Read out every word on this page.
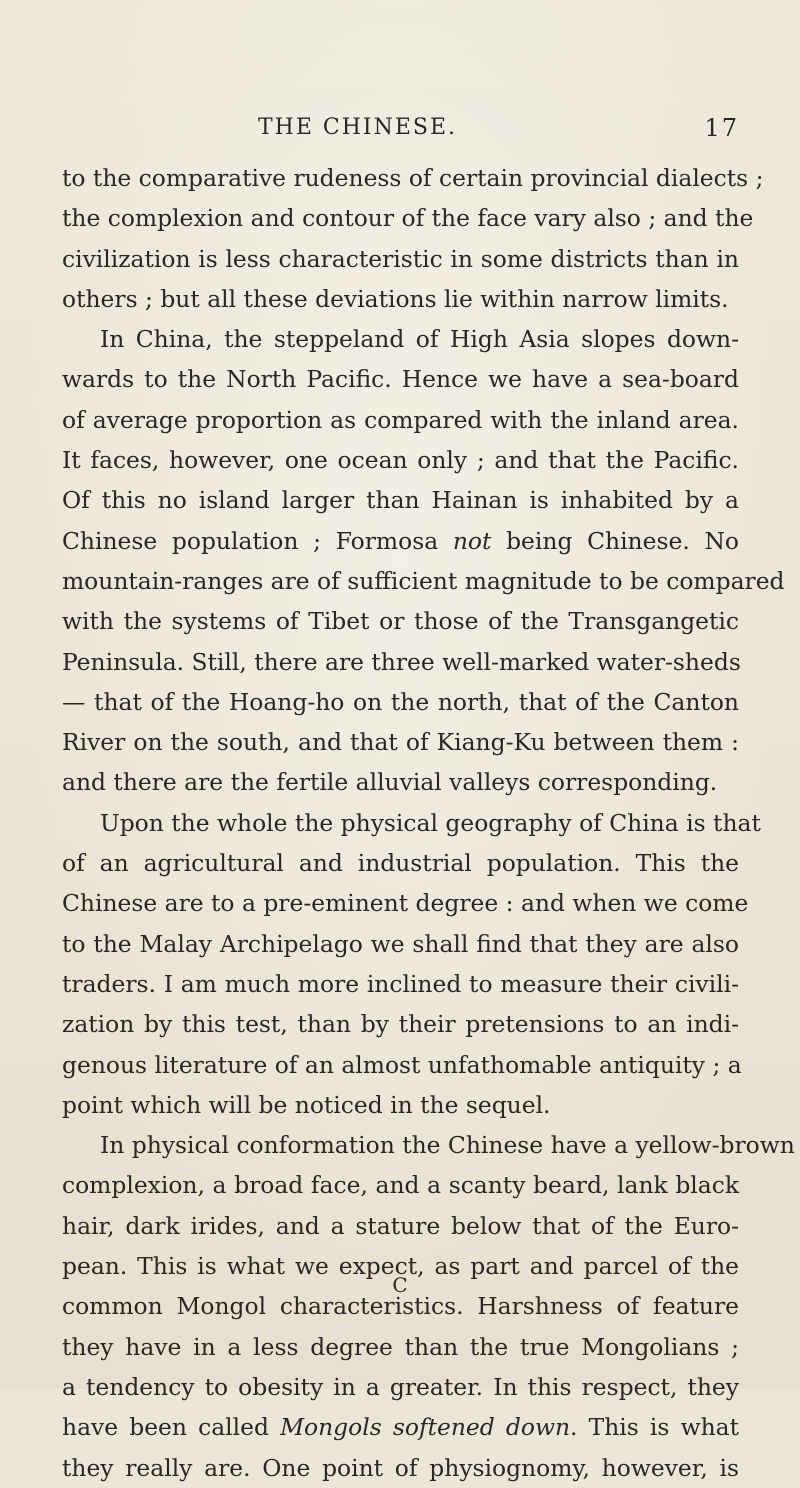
THE CHINESE.	17
to the comparative rudeness of certain provincial dialects ;
the complexion and contour of the face vary also ; and the
civilization is less characteristic in some districts than in
others ; but all these deviations lie within narrow limits.
In China, the steppeland of High Asia slopes down-
wards to the North Pacific. Hence we have a sea-board
of average proportion as compared with the inland area.
It faces, however, one ocean only ; and that the Pacific.
Of this no island larger than Hainan is inhabited by a
Chinese population ; Formosa not being Chinese. No
mountain-ranges are of sufficient magnitude to be compared
with the systems of Tibet or those of the Transgangetic
Peninsula. Still, there are three well-marked water-sheds
— that of the Hoang-ho on the north, that of the Canton
River on the south, and that of Kiang-Ku between them :
and there are the fertile alluvial valleys corresponding.
Upon the whole the physical geography of China is that
of an agricultural and industrial population. This the
Chinese are to a pre-eminent degree : and when we come
to the Malay Archipelago we shall find that they are also
traders. I am much more inclined to measure their civili-
zation by this test, than by their pretensions to an indi-
genous literature of an almost unfathomable antiquity ; a
point which will be noticed in the sequel.
In physical conformation the Chinese have a yellow-brown
complexion, a broad face, and a scanty beard, lank black
hair, dark irides, and a stature below that of the Euro-
pean. This is what we expect, as part and parcel of the
common Mongol characteristics. Harshness of feature
they have in a less degree than the true Mongolians ;
a tendency to obesity in a greater. In this respect, they
have been called Mongols softened down. This is what
they really are. One point of physiognomy, however, is
C
